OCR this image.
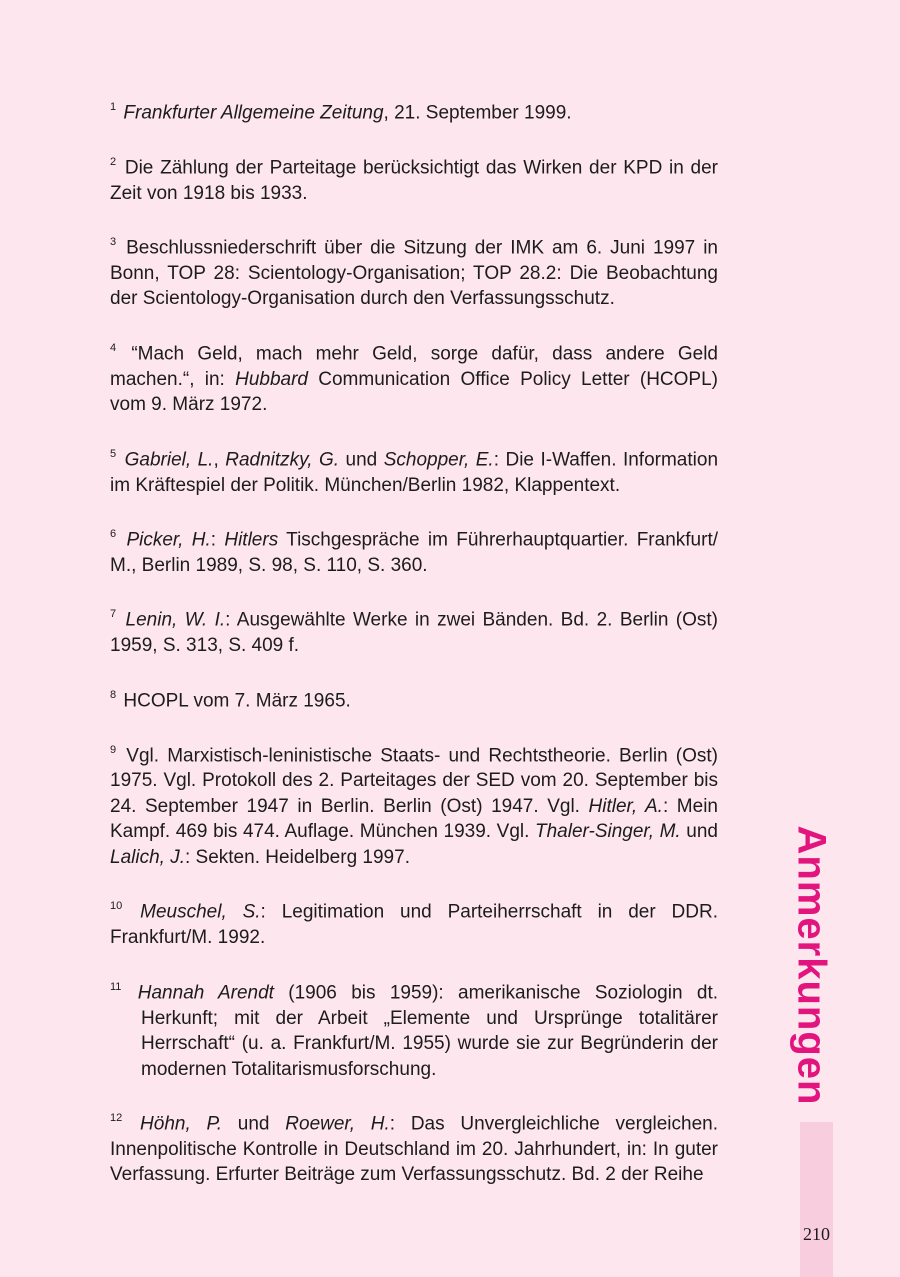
$^1$ Frankfurter Allgemeine Zeitung, 21. September 1999.

$^2$ Die Zählung der Parteitage berücksichtigt das Wirken der KPD in der Zeit von 1918 bis 1933.

$^3$ Beschlussniederschrift über die Sitzung der IMK am 6. Juni 1997 in Bonn, TOP 28: Scientology-Organisation; TOP 28.2: Die Beobachtung der Scientology-Organisation durch den Verfassungsschutz.

$^4$ “Mach Geld, mach mehr Geld, sorge dafür, dass andere Geld machen.“, in: Hubbard Communication Office Policy Letter (HCOPL) vom 9. März 1972.

$^5$ Gabriel, L., Radnitzky, G. und Schopper, E.: Die I-Waffen. Information im Kräftespiel der Politik. München/Berlin 1982, Klappentext.

$^6$ Picker, H.: Hitlers Tischgespräche im Führerhauptquartier. Frankfurt/ M., Berlin 1989, S. 98, S. 110, S. 360.

$^7$ Lenin, W. I.: Ausgewählte Werke in zwei Bänden. Bd. 2. Berlin (Ost) 1959, S. 313, S. 409 f.

$^8$ HCOPL vom 7. März 1965.

$^9$ Vgl. Marxistisch-leninistische Staats- und Rechtstheorie. Berlin (Ost) 1975. Vgl. Protokoll des 2. Parteitages der SED vom 20. September bis 24. September 1947 in Berlin. Berlin (Ost) 1947. Vgl. Hitler, A.: Mein Kampf. 469 bis 474. Auflage. München 1939. Vgl. Thaler-Singer, M. und Lalich, J.: Sekten. Heidelberg 1997.

$^{10}$ Meuschel, S.: Legitimation und Parteiherrschaft in der DDR. Frankfurt/M. 1992.

$^{11}$ Hannah Arendt (1906 bis 1959): amerikanische Soziologin dt. Herkunft; mit der Arbeit „Elemente und Ursprünge totalitärer Herrschaft“ (u. a. Frankfurt/M. 1955) wurde sie zur Begründerin der modernen Totalitarismusforschung.

$^{12}$ Höhn, P. und Roewer, H.: Das Unvergleichliche vergleichen. Innenpolitische Kontrolle in Deutschland im 20. Jahrhundert, in: In guter Verfassung. Erfurter Beiträge zum Verfassungsschutz. Bd. 2 der Reihe

Anmerkungen
210
